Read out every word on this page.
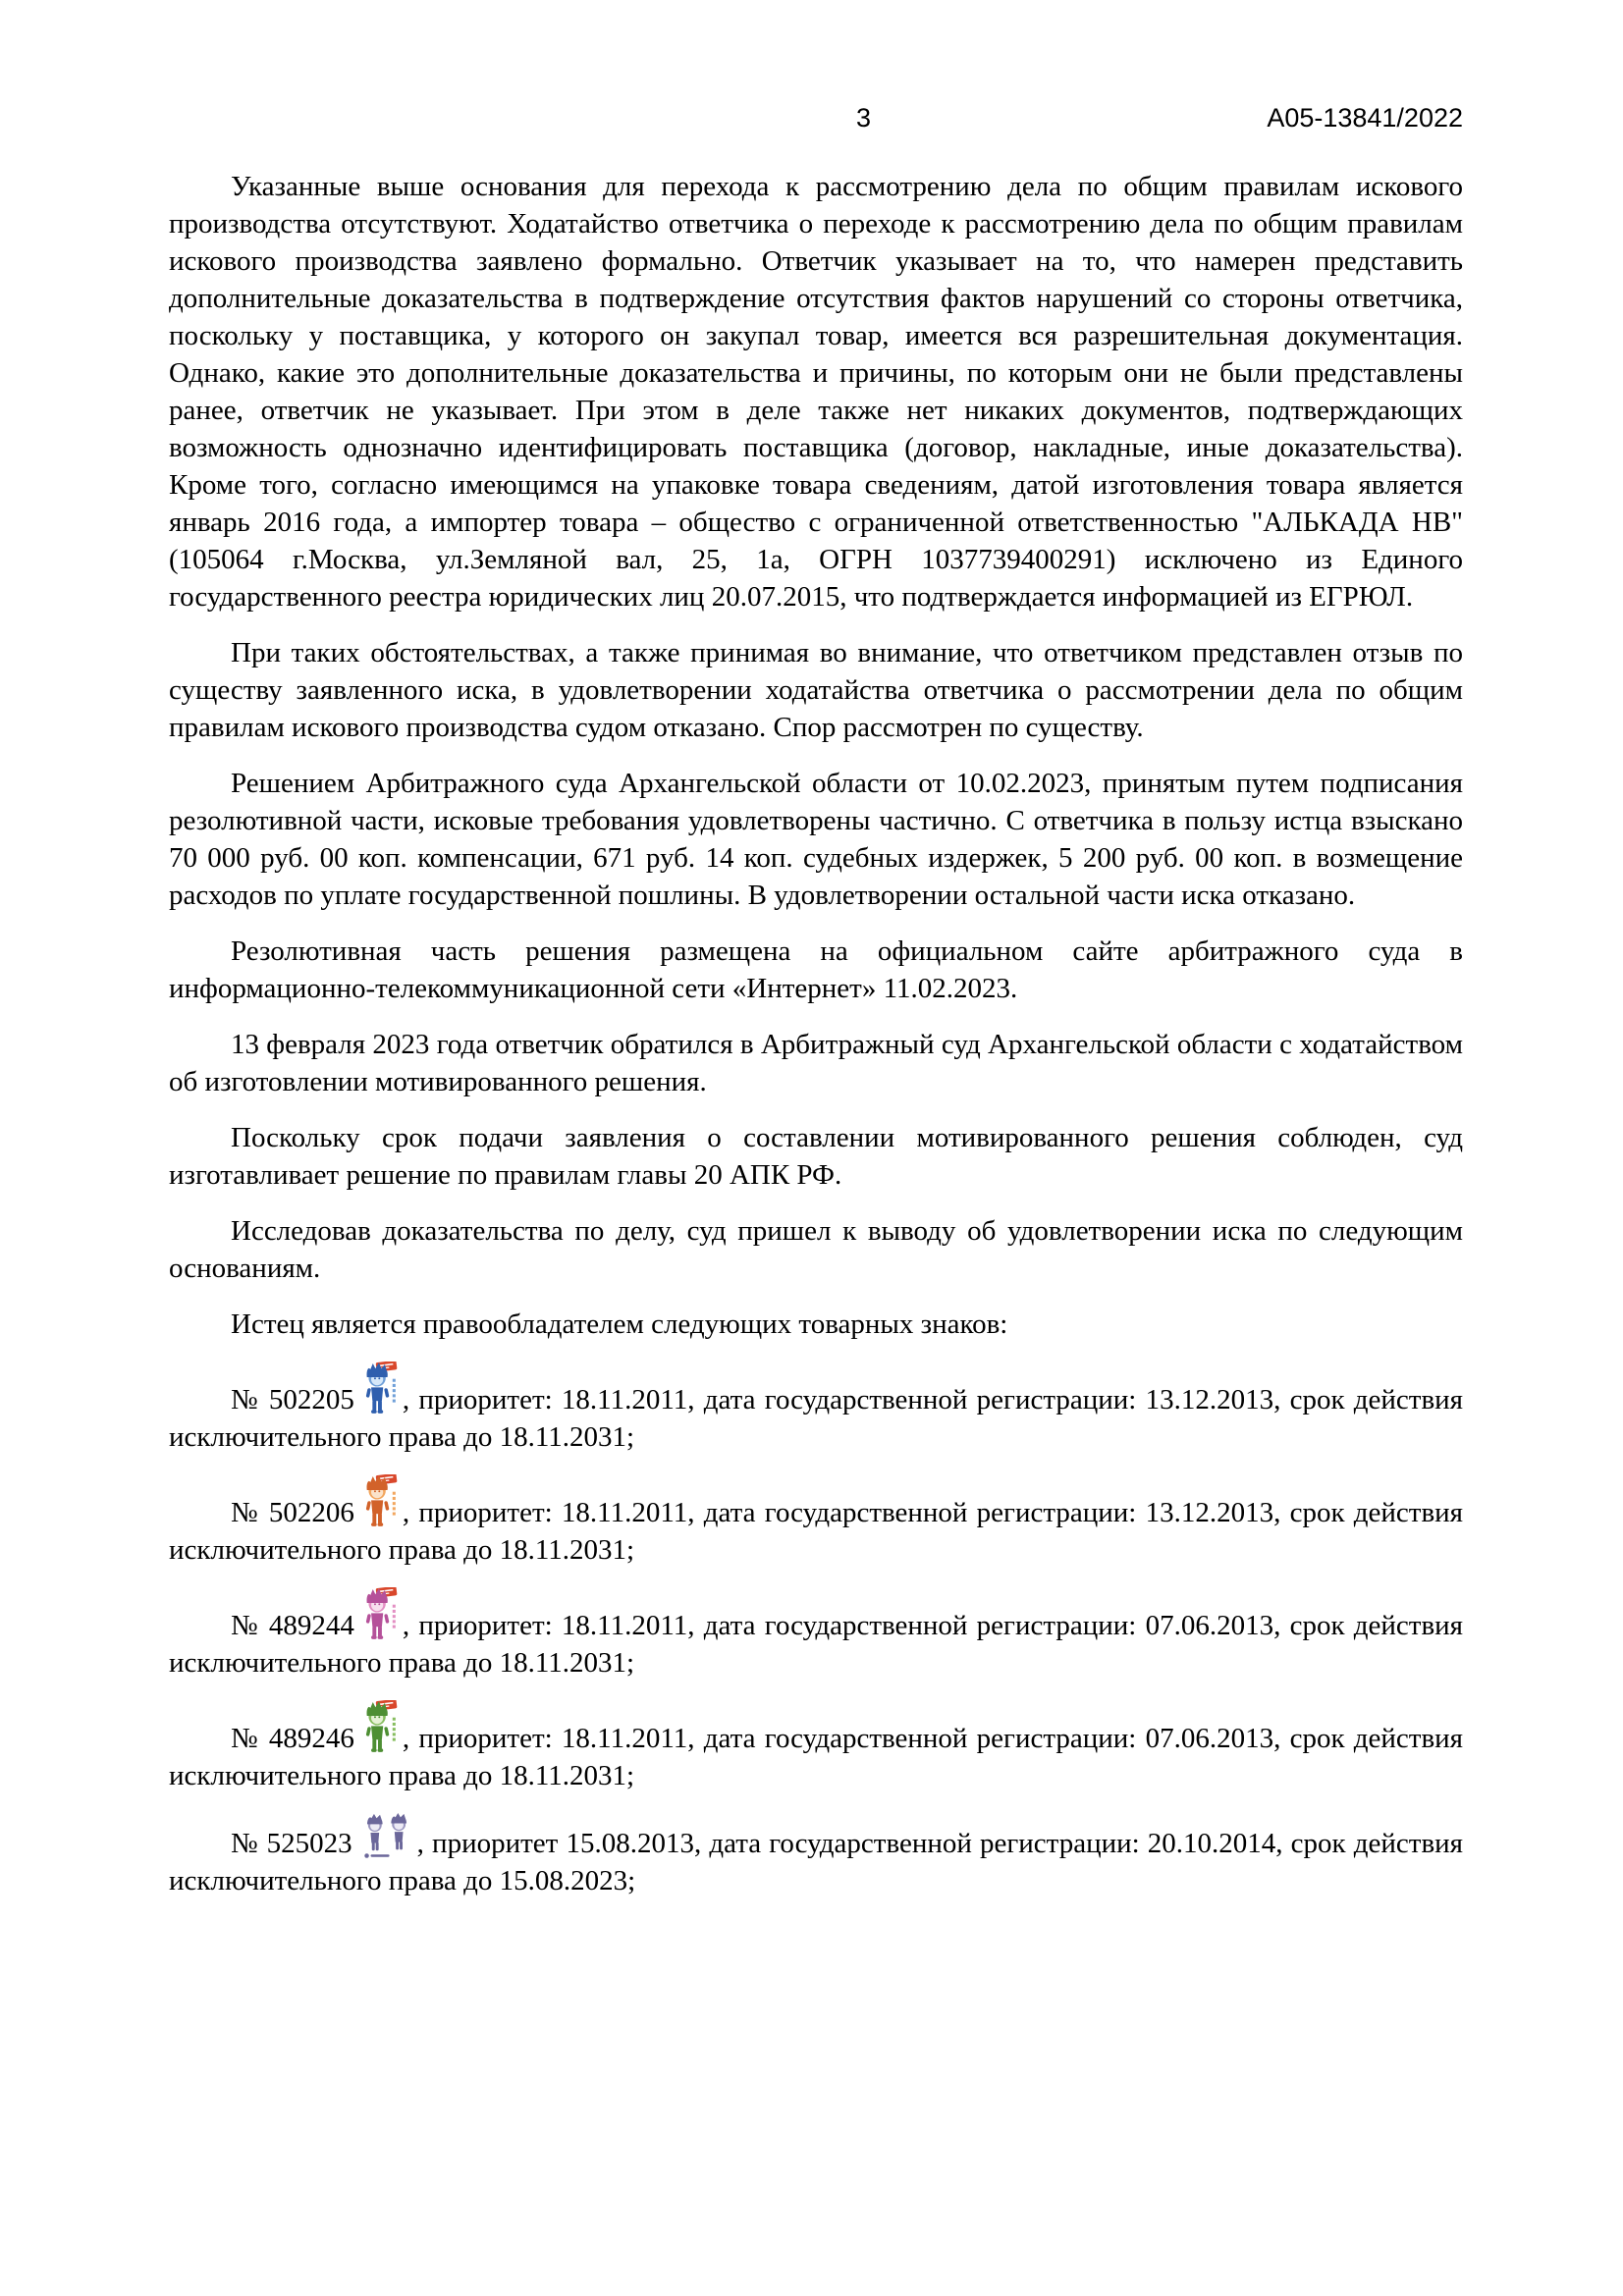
3	А05-13841/2022

Указанные выше основания для перехода к рассмотрению дела по общим правилам искового производства отсутствуют. Ходатайство ответчика о переходе к рассмотрению дела по общим правилам искового производства заявлено формально. Ответчик указывает на то, что намерен представить дополнительные доказательства в подтверждение отсутствия фактов нарушений со стороны ответчика, поскольку у поставщика, у которого он закупал товар, имеется вся разрешительная документация. Однако, какие это дополнительные доказательства и причины, по которым они не были представлены ранее, ответчик не указывает. При этом в деле также нет никаких документов, подтверждающих возможность однозначно идентифицировать поставщика (договор, накладные, иные доказательства). Кроме того, согласно имеющимся на упаковке товара сведениям, датой изготовления товара является январь 2016 года, а импортер товара – общество с ограниченной ответственностью "АЛЬКАДА НВ" (105064 г.Москва, ул.Земляной вал, 25, 1а, ОГРН 1037739400291) исключено из Единого государственного реестра юридических лиц 20.07.2015, что подтверждается информацией из ЕГРЮЛ.

При таких обстоятельствах, а также принимая во внимание, что ответчиком представлен отзыв по существу заявленного иска, в удовлетворении ходатайства ответчика о рассмотрении дела по общим правилам искового производства судом отказано. Спор рассмотрен по существу.

Решением Арбитражного суда Архангельской области от 10.02.2023, принятым путем подписания резолютивной части, исковые требования удовлетворены частично. С ответчика в пользу истца взыскано 70 000 руб. 00 коп. компенсации, 671 руб. 14 коп. судебных издержек, 5 200 руб. 00 коп. в возмещение расходов по уплате государственной пошлины. В удовлетворении остальной части иска отказано.

Резолютивная часть решения размещена на официальном сайте арбитражного суда в информационно-телекоммуникационной сети «Интернет» 11.02.2023.

13 февраля 2023 года ответчик обратился в Арбитражный суд Архангельской области с ходатайством об изготовлении мотивированного решения.

Поскольку срок подачи заявления о составлении мотивированного решения соблюден, суд изготавливает решение по правилам главы 20 АПК РФ.

Исследовав доказательства по делу, суд пришел к выводу об удовлетворении иска по следующим основаниям.

Истец является правообладателем следующих товарных знаков:

№ 502205 , приоритет: 18.11.2011, дата государственной регистрации: 13.12.2013, срок действия исключительного права до 18.11.2031;

№ 502206 , приоритет: 18.11.2011, дата государственной регистрации: 13.12.2013, срок действия исключительного права до 18.11.2031;

№ 489244 , приоритет: 18.11.2011, дата государственной регистрации: 07.06.2013, срок действия исключительного права до 18.11.2031;

№ 489246 , приоритет: 18.11.2011, дата государственной регистрации: 07.06.2013, срок действия исключительного права до 18.11.2031;

№ 525023 , приоритет 15.08.2013, дата государственной регистрации: 20.10.2014, срок действия исключительного права до 15.08.2023;
